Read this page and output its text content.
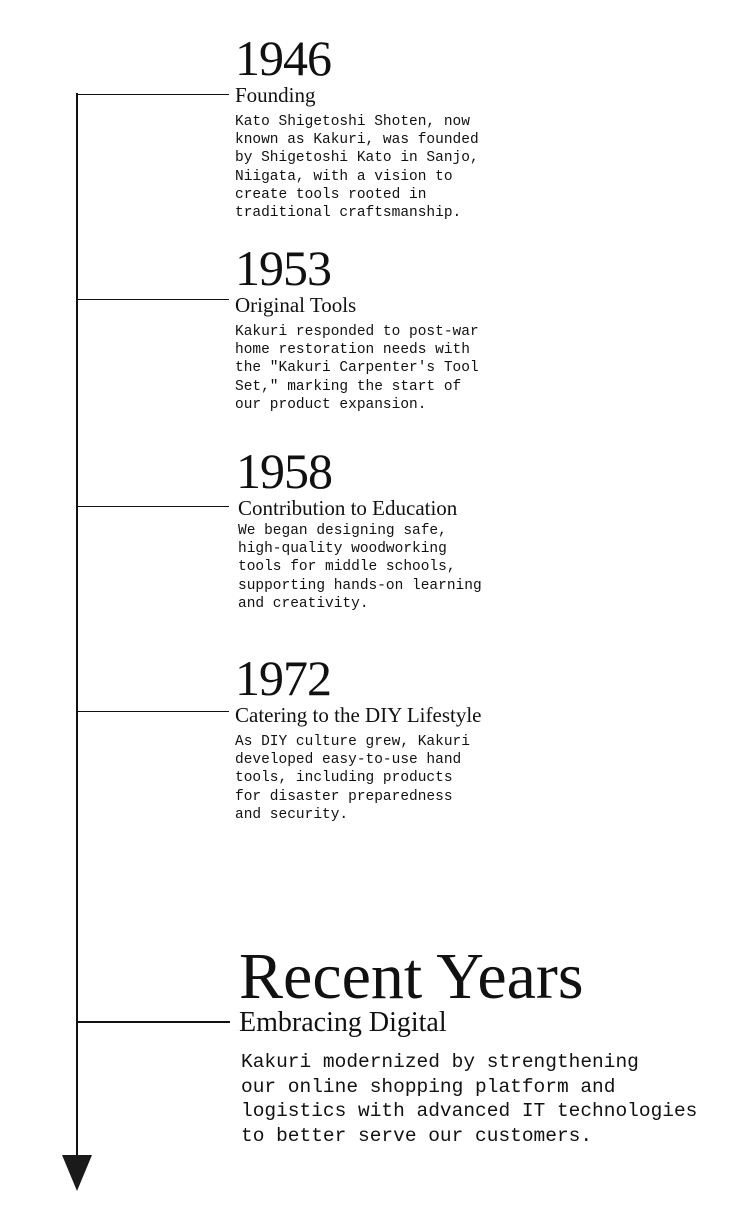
1946
Founding
Kato Shigetoshi Shoten, now
known as Kakuri, was founded
by Shigetoshi Kato in Sanjo,
Niigata, with a vision to
create tools rooted in
traditional craftsmanship.
1953
Original Tools
Kakuri responded to post-war
home restoration needs with
the "Kakuri Carpenter's Tool
Set," marking the start of
our product expansion.
1958
Contribution to Education
We began designing safe,
high-quality woodworking
tools for middle schools,
supporting hands-on learning
and creativity.
1972
Catering to the DIY Lifestyle
As DIY culture grew, Kakuri
developed easy-to-use hand
tools, including products
for disaster preparedness
and security.
Recent Years
Embracing Digital
Kakuri modernized by strengthening
our online shopping platform and
logistics with advanced IT technologies
to better serve our customers.
